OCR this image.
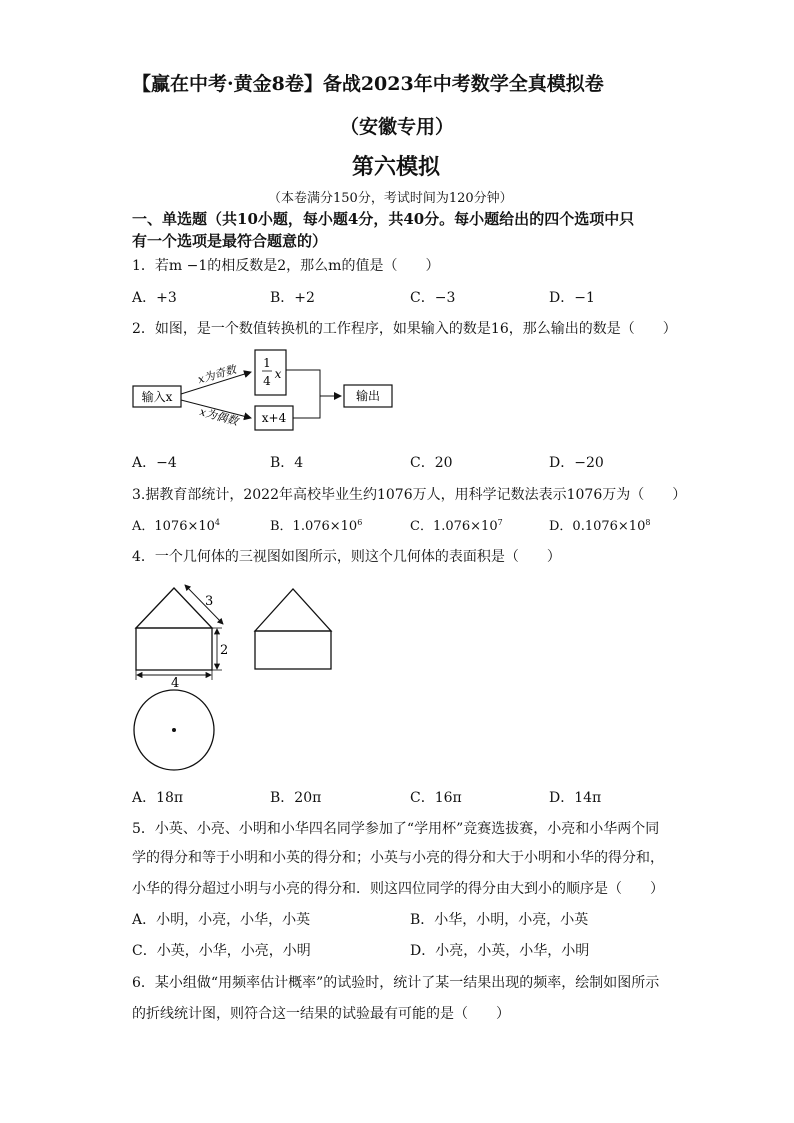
【赢在中考·黄金8卷】备战2023年中考数学全真模拟卷
（安徽专用）
第六模拟
（本卷满分150分，考试时间为120分钟）
一、单选题（共10小题，每小题4分，共40分。每小题给出的四个选项中只
有一个选项是最符合题意的）
1．若m −1的相反数是2，那么m的值是（　　）
A．+3	B．+2	C．−3	D．−1
2．如图，是一个数值转换机的工作程序，如果输入的数是16，那么输出的数是（　　）
输入x
x为奇数
x为偶数
1
4 x
x+4
输出
A．−4	B．4	C．20	D．−20
3.据教育部统计，2022年高校毕业生约1076万人，用科学记数法表示1076万为（　　）
A．$1076\times 10^4$	B．$1.076\times 10^6$	C．$1.076\times 10^7$	D．$0.1076\times 10^8$
4．一个几何体的三视图如图所示，则这个几何体的表面积是（　　）
3
2
4
A．18π	B．20π	C．16π	D．14π
5．小英、小亮、小明和小华四名同学参加了“学用杯”竞赛选拔赛，小亮和小华两个同
学的得分和等于小明和小英的得分和；小英与小亮的得分和大于小明和小华的得分和，
小华的得分超过小明与小亮的得分和．则这四位同学的得分由大到小的顺序是（　　）
A．小明，小亮，小华，小英	B．小华，小明，小亮，小英
C．小英，小华，小亮，小明	D．小亮，小英，小华，小明
6．某小组做“用频率估计概率”的试验时，统计了某一结果出现的频率，绘制如图所示
的折线统计图，则符合这一结果的试验最有可能的是（　　）
